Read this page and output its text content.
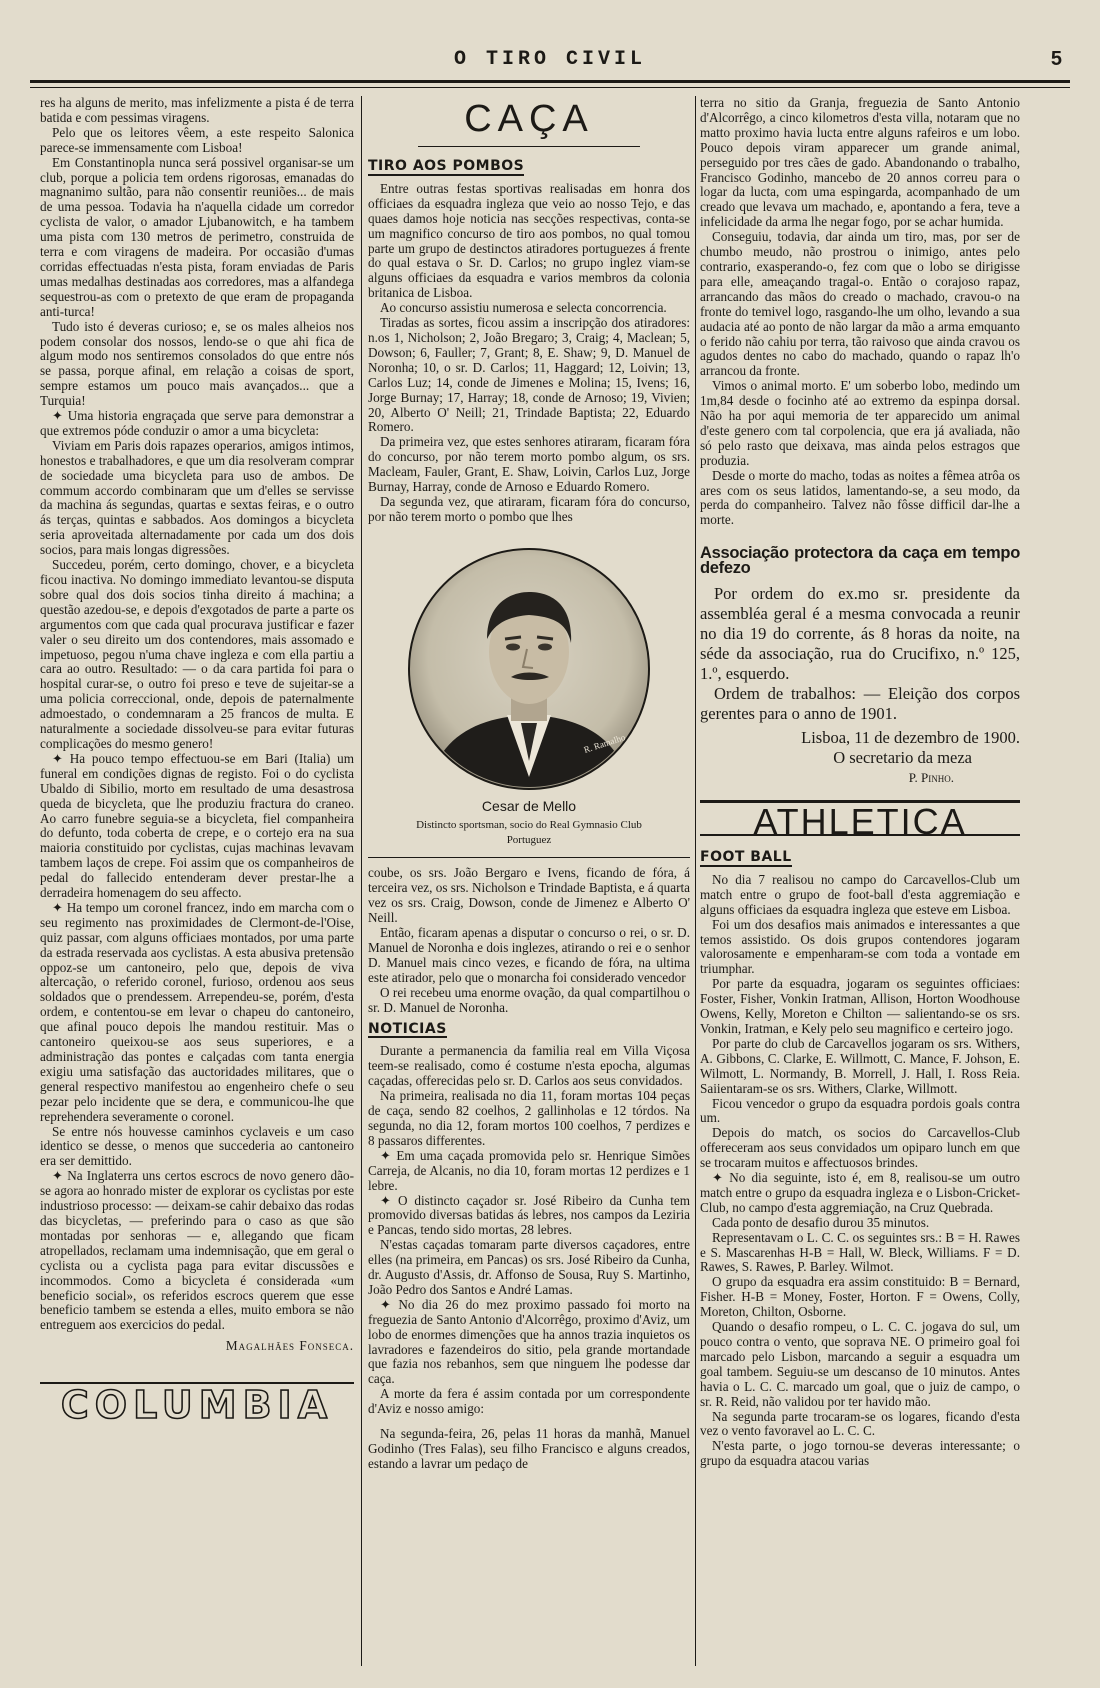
O TIRO CIVIL	5

res ha alguns de merito, mas infelizmente a pista é de terra batida e com pessimas viragens.

Pelo que os leitores vêem, a este respeito Salonica parece-se immensamente com Lisboa!

Em Constantinopla nunca será possivel organisar-se um club, porque a policia tem ordens rigorosas, emanadas do magnanimo sultão, para não consentir reuniões... de mais de uma pessoa. Todavia ha n'aquella cidade um corredor cyclista de valor, o amador Ljubanowitch, e ha tambem uma pista com 130 metros de perimetro, construida de terra e com viragens de madeira. Por occasião d'umas corridas effectuadas n'esta pista, foram enviadas de Paris umas medalhas destinadas aos corredores, mas a alfandega sequestrou-as com o pretexto de que eram de propaganda anti-turca!

Tudo isto é deveras curioso; e, se os males alheios nos podem consolar dos nossos, lendo-se o que ahi fica de algum modo nos sentiremos consolados do que entre nós se passa, porque afinal, em relação a coisas de sport, sempre estamos um pouco mais avançados... que a Turquia!

✦ Uma historia engraçada que serve para demonstrar a que extremos póde conduzir o amor a uma bicycleta:

Viviam em Paris dois rapazes operarios, amigos intimos, honestos e trabalhadores, e que um dia resolveram comprar de sociedade uma bicycleta para uso de ambos. De commum accordo combinaram que um d'elles se servisse da machina ás segundas, quartas e sextas feiras, e o outro ás terças, quintas e sabbados. Aos domingos a bicycleta seria aproveitada alternadamente por cada um dos dois socios, para mais longas digressões.

Succedeu, porém, certo domingo, chover, e a bicycleta ficou inactiva. No domingo immediato levantou-se disputa sobre qual dos dois socios tinha direito á machina; a questão azedou-se, e depois d'exgotados de parte a parte os argumentos com que cada qual procurava justificar e fazer valer o seu direito um dos contendores, mais assomado e impetuoso, pegou n'uma chave ingleza e com ella partiu a cara ao outro. Resultado: — o da cara partida foi para o hospital curar-se, o outro foi preso e teve de sujeitar-se a uma policia correccional, onde, depois de paternalmente admoestado, o condemnaram a 25 francos de multa. E naturalmente a sociedade dissolveu-se para evitar futuras complicações do mesmo genero!

✦ Ha pouco tempo effectuou-se em Bari (Italia) um funeral em condições dignas de registo. Foi o do cyclista Ubaldo di Sibilio, morto em resultado de uma desastrosa queda de bicycleta, que lhe produziu fractura do craneo. Ao carro funebre seguia-se a bicycleta, fiel companheira do defunto, toda coberta de crepe, e o cortejo era na sua maioria constituido por cyclistas, cujas machinas levavam tambem laços de crepe. Foi assim que os companheiros de pedal do fallecido entenderam dever prestar-lhe a derradeira homenagem do seu affecto.

✦ Ha tempo um coronel francez, indo em marcha com o seu regimento nas proximidades de Clermont-de-l'Oise, quiz passar, com alguns officiaes montados, por uma parte da estrada reservada aos cyclistas. A esta abusiva pretensão oppoz-se um cantoneiro, pelo que, depois de viva altercação, o referido coronel, furioso, ordenou aos seus soldados que o prendessem. Arrependeu-se, porém, d'esta ordem, e contentou-se em levar o chapeu do cantoneiro, que afinal pouco depois lhe mandou restituir. Mas o cantoneiro queixou-se aos seus superiores, e a administração das pontes e calçadas com tanta energia exigiu uma satisfação das auctoridades militares, que o general respectivo manifestou ao engenheiro chefe o seu pezar pelo incidente que se dera, e communicou-lhe que reprehendera severamente o coronel.

Se entre nós houvesse caminhos cyclaveis e um caso identico se desse, o menos que succederia ao cantoneiro era ser demittido.

✦ Na Inglaterra uns certos escrocs de novo genero dão-se agora ao honrado mister de explorar os cyclistas por este industrioso processo: — deixam-se cahir debaixo das rodas das bicycletas, — preferindo para o caso as que são montadas por senhoras — e, allegando que ficam atropellados, reclamam uma indemnisação, que em geral o cyclista ou a cyclista paga para evitar discussões e incommodos. Como a bicycleta é considerada «um beneficio social», os referidos escrocs querem que esse beneficio tambem se estenda a elles, muito embora se não entreguem aos exercicios do pedal.

Magalhães Fonseca.

COLUMBIA
CAÇA
TIRO AOS POMBOS

Entre outras festas sportivas realisadas em honra dos officiaes da esquadra ingleza que veio ao nosso Tejo, e das quaes damos hoje noticia nas secções respectivas, conta-se um magnifico concurso de tiro aos pombos, no qual tomou parte um grupo de destinctos atiradores portuguezes á frente do qual estava o Sr. D. Carlos; no grupo inglez viam-se alguns officiaes da esquadra e varios membros da colonia britanica de Lisboa.

Ao concurso assistiu numerosa e selecta concorrencia.

Tiradas as sortes, ficou assim a inscripção dos atiradores: n.os 1, Nicholson; 2, João Bregaro; 3, Craig; 4, Maclean; 5, Dowson; 6, Fauller; 7, Grant; 8, E. Shaw; 9, D. Manuel de Noronha; 10, o sr. D. Carlos; 11, Haggard; 12, Loivin; 13, Carlos Luz; 14, conde de Jimenes e Molina; 15, Ivens; 16, Jorge Burnay; 17, Harray; 18, conde de Arnoso; 19, Vivien; 20, Alberto O' Neill; 21, Trindade Baptista; 22, Eduardo Romero.

Da primeira vez, que estes senhores atiraram, ficaram fóra do concurso, por não terem morto pombo algum, os srs. Macleam, Fauler, Grant, E. Shaw, Loivin, Carlos Luz, Jorge Burnay, Harray, conde de Arnoso e Eduardo Romero.

Da segunda vez, que atiraram, ficaram fóra do concurso, por não terem morto o pombo que lhes

R. Ramalho
Cesar de Mello
Distincto sportsman, socio do Real Gymnasio Club Portuguez

coube, os srs. João Bergaro e Ivens, ficando de fóra, á terceira vez, os srs. Nicholson e Trindade Baptista, e á quarta vez os srs. Craig, Dowson, conde de Jimenez e Alberto O' Neill.

Então, ficaram apenas a disputar o concurso o rei, o sr. D. Manuel de Noronha e dois inglezes, atirando o rei e o senhor D. Manuel mais cinco vezes, e ficando de fóra, na ultima este atirador, pelo que o monarcha foi considerado vencedor

O rei recebeu uma enorme ovação, da qual compartilhou o sr. D. Manuel de Noronha.

NOTICIAS

Durante a permanencia da familia real em Villa Viçosa teem-se realisado, como é costume n'esta epocha, algumas caçadas, offerecidas pelo sr. D. Carlos aos seus convidados.

Na primeira, realisada no dia 11, foram mortas 104 peças de caça, sendo 82 coelhos, 2 gallinholas e 12 tórdos. Na segunda, no dia 12, foram mortos 100 coelhos, 7 perdizes e 8 passaros differentes.

✦ Em uma caçada promovida pelo sr. Henrique Simões Carreja, de Alcanis, no dia 10, foram mortas 12 perdizes e 1 lebre.

✦ O distincto caçador sr. José Ribeiro da Cunha tem promovido diversas batidas ás lebres, nos campos da Leziria e Pancas, tendo sido mortas, 28 lebres.

N'estas caçadas tomaram parte diversos caçadores, entre elles (na primeira, em Pancas) os srs. José Ribeiro da Cunha, dr. Augusto d'Assis, dr. Affonso de Sousa, Ruy S. Martinho, João Pedro dos Santos e André Lamas.

✦ No dia 26 do mez proximo passado foi morto na freguezia de Santo Antonio d'Alcorrêgo, proximo d'Aviz, um lobo de enormes dimenções que ha annos trazia inquietos os lavradores e fazendeiros do sitio, pela grande mortandade que fazia nos rebanhos, sem que ninguem lhe podesse dar caça.

A morte da fera é assim contada por um correspondente d'Aviz e nosso amigo:

Na segunda-feira, 26, pelas 11 horas da manhã, Manuel Godinho (Tres Falas), seu filho Francisco e alguns creados, estando a lavrar um pedaço de

terra no sitio da Granja, freguezia de Santo Antonio d'Alcorrêgo, a cinco kilometros d'esta villa, notaram que no matto proximo havia lucta entre alguns rafeiros e um lobo. Pouco depois viram apparecer um grande animal, perseguido por tres cães de gado. Abandonando o trabalho, Francisco Godinho, mancebo de 20 annos correu para o logar da lucta, com uma espingarda, acompanhado de um creado que levava um machado, e, apontando a fera, teve a infelicidade da arma lhe negar fogo, por se achar humida.

Conseguiu, todavia, dar ainda um tiro, mas, por ser de chumbo meudo, não prostrou o inimigo, antes pelo contrario, exasperando-o, fez com que o lobo se dirigisse para elle, ameaçando tragal-o. Então o corajoso rapaz, arrancando das mãos do creado o machado, cravou-o na fronte do temivel logo, rasgando-lhe um olho, levando a sua audacia até ao ponto de não largar da mão a arma emquanto o ferido não cahiu por terra, tão raivoso que ainda cravou os agudos dentes no cabo do machado, quando o rapaz lh'o arrancou da fronte.

Vimos o animal morto. E' um soberbo lobo, medindo um 1m,84 desde o focinho até ao extremo da espinpa dorsal. Não ha por aqui memoria de ter apparecido um animal d'este genero com tal corpolencia, que era já avaliada, não só pelo rasto que deixava, mas ainda pelos estragos que produzia.

Desde o morte do macho, todas as noites a fêmea atrôa os ares com os seus latidos, lamentando-se, a seu modo, da perda do companheiro. Talvez não fôsse difficil dar-lhe a morte.

Associação protectora da caça em tempo defezo

Por ordem do ex.mo sr. presidente da assembléa geral é a mesma convocada a reunir no dia 19 do corrente, ás 8 horas da noite, na séde da associação, rua do Crucifixo, n.º 125, 1.º, esquerdo.

Ordem de trabalhos: — Eleição dos corpos gerentes para o anno de 1901.

Lisboa, 11 de dezembro de 1900.

O secretario da meza

P. Pinho.

ATHLETICA
FOOT BALL

No dia 7 realisou no campo do Carcavellos-Club um match entre o grupo de foot-ball d'esta aggremiação e alguns officiaes da esquadra ingleza que esteve em Lisboa.

Foi um dos desafios mais animados e interessantes a que temos assistido. Os dois grupos contendores jogaram valorosamente e empenharam-se com toda a vontade em triumphar.

Por parte da esquadra, jogaram os seguintes officiaes: Foster, Fisher, Vonkin Iratman, Allison, Horton Woodhouse Owens, Kelly, Moreton e Chilton — salientando-se os srs. Vonkin, Iratman, e Kely pelo seu magnifico e certeiro jogo.

Por parte do club de Carcavellos jogaram os srs. Withers, A. Gibbons, C. Clarke, E. Willmott, C. Mance, F. Johson, E. Wilmott, L. Normandy, B. Morrell, J. Hall, I. Ross Reia. Saiientaram-se os srs. Withers, Clarke, Willmott.

Ficou vencedor o grupo da esquadra pordois goals contra um.

Depois do match, os socios do Carcavellos-Club offereceram aos seus convidados um opiparo lunch em que se trocaram muitos e affectuosos brindes.

✦ No dia seguinte, isto é, em 8, realisou-se um outro match entre o grupo da esquadra ingleza e o Lisbon-Cricket-Club, no campo d'esta aggremiação, na Cruz Quebrada.

Cada ponto de desafio durou 35 minutos.

Representavam o L. C. C. os seguintes srs.: B = H. Rawes e S. Mascarenhas H-B = Hall, W. Bleck, Williams. F = D. Rawes, S. Rawes, P. Barley. Wilmot.

O grupo da esquadra era assim constituido: B = Bernard, Fisher. H-B = Money, Foster, Horton. F = Owens, Colly, Moreton, Chilton, Osborne.

Quando o desafio rompeu, o L. C. C. jogava do sul, um pouco contra o vento, que soprava NE. O primeiro goal foi marcado pelo Lisbon, marcando a seguir a esquadra um goal tambem. Seguiu-se um descanso de 10 minutos. Antes havia o L. C. C. marcado um goal, que o juiz de campo, o sr. R. Reid, não validou por ter havido mão.

Na segunda parte trocaram-se os logares, ficando d'esta vez o vento favoravel ao L. C. C.

N'esta parte, o jogo tornou-se deveras interessante; o grupo da esquadra atacou varias
